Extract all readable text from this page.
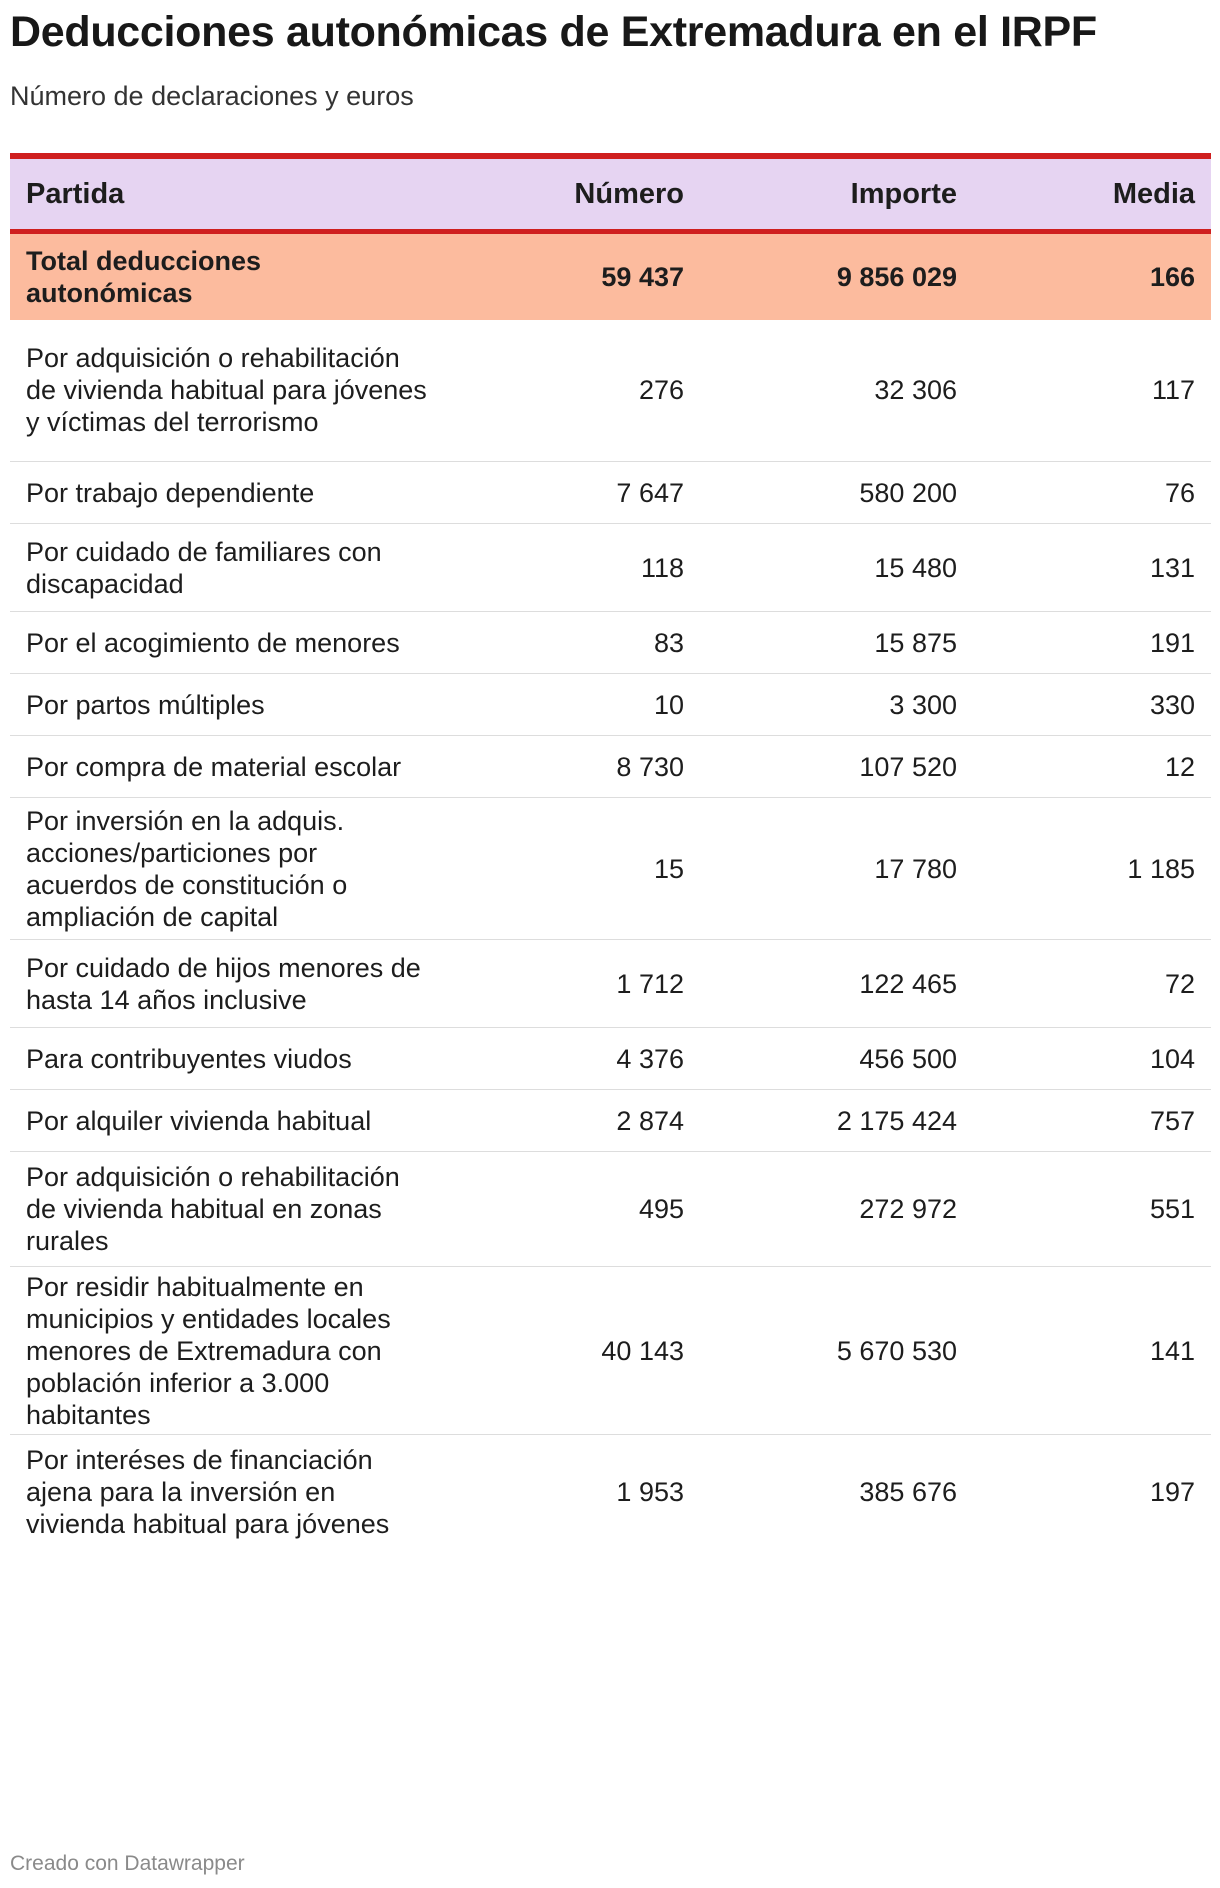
Deducciones autonómicas de Extremadura en el IRPF
Número de declaraciones y euros
Partida	Número	Importe	Media
Total deducciones autonómicas	59 437	9 856 029	166
Por adquisición o rehabilitación de vivienda habitual para jóvenes y víctimas del terrorismo	276	32 306	117
Por trabajo dependiente	7 647	580 200	76
Por cuidado de familiares con discapacidad	118	15 480	131
Por el acogimiento de menores	83	15 875	191
Por partos múltiples	10	3 300	330
Por compra de material escolar	8 730	107 520	12
Por inversión en la adquis. acciones/particiones por acuerdos de constitución o ampliación de capital	15	17 780	1 185
Por cuidado de hijos menores de hasta 14 años inclusive	1 712	122 465	72
Para contribuyentes viudos	4 376	456 500	104
Por alquiler vivienda habitual	2 874	2 175 424	757
Por adquisición o rehabilitación de vivienda habitual en zonas rurales	495	272 972	551
Por residir habitualmente en municipios y entidades locales menores de Extremadura con población inferior a 3.000 habitantes	40 143	5 670 530	141
Por interéses de financiación ajena para la inversión en vivienda habitual para jóvenes	1 953	385 676	197
Creado con Datawrapper
